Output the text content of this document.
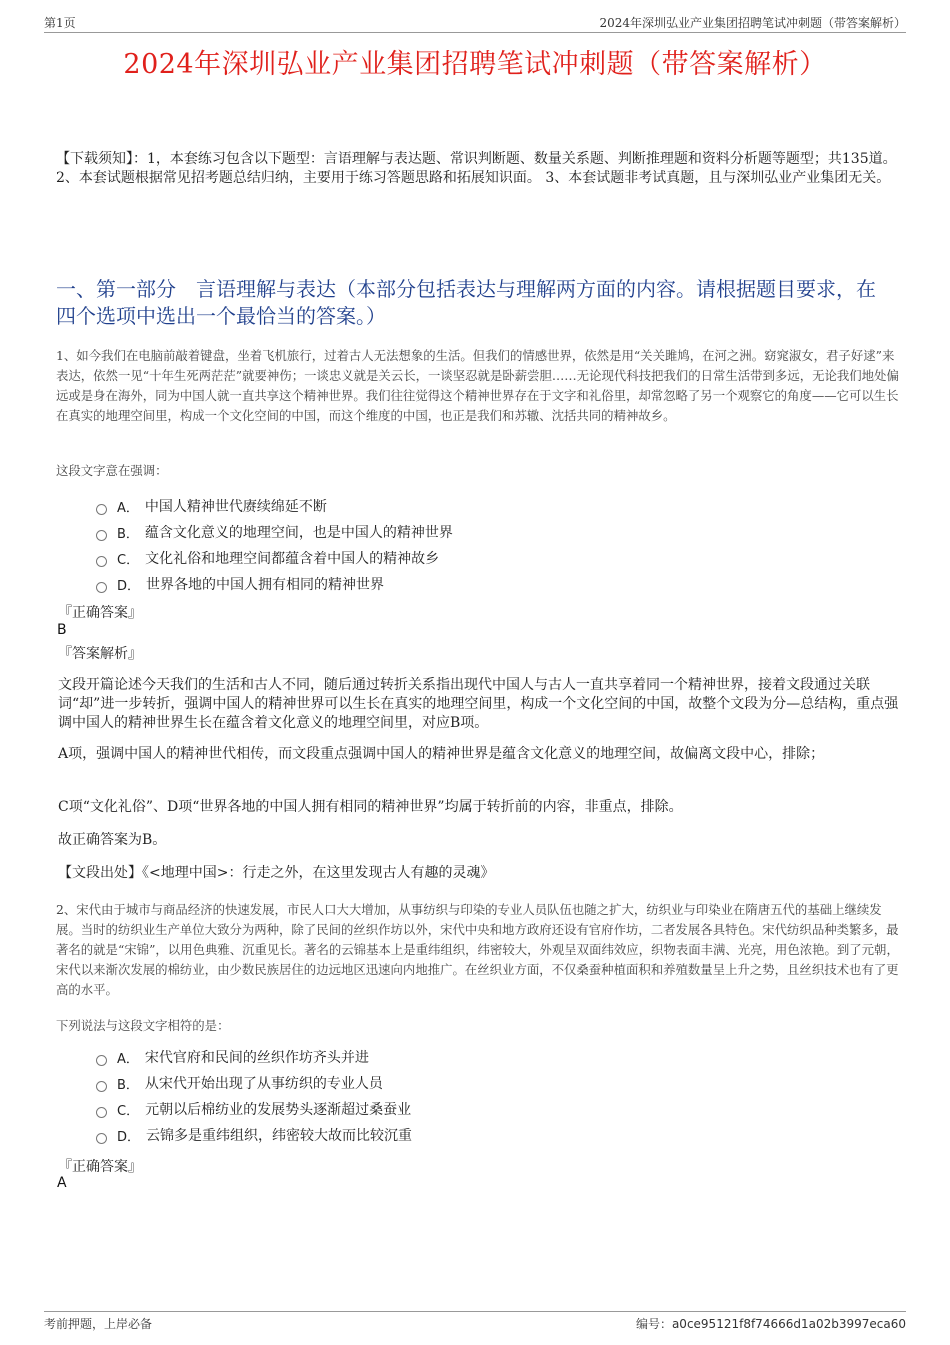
第1页	2024年深圳弘业产业集团招聘笔试冲刺题（带答案解析）
2024年深圳弘业产业集团招聘笔试冲刺题（带答案解析）
【下载须知】：1，本套练习包含以下题型：言语理解与表达题、常识判断题、数量关系题、判断推理题和资料分析题等题型；共135道。 2、本套试题根据常见招考题总结归纳，主要用于练习答题思路和拓展知识面。 3、本套试题非考试真题，且与深圳弘业产业集团无关。
一、第一部分　言语理解与表达（本部分包括表达与理解两方面的内容。请根据题目要求，在四个选项中选出一个最恰当的答案。）
1、如今我们在电脑前敲着键盘，坐着飞机旅行，过着古人无法想象的生活。但我们的情感世界，依然是用“关关雎鸠，在河之洲。窈窕淑女，君子好逑”来表达，依然一见“十年生死两茫茫”就要神伤；一谈忠义就是关云长，一谈坚忍就是卧薪尝胆……无论现代科技把我们的日常生活带到多远，无论我们地处偏远或是身在海外，同为中国人就一直共享这个精神世界。我们往往觉得这个精神世界存在于文字和礼俗里，却常忽略了另一个观察它的角度——它可以生长在真实的地理空间里，构成一个文化空间的中国，而这个维度的中国，也正是我们和苏辙、沈括共同的精神故乡。
这段文字意在强调：
A． 中国人精神世代赓续绵延不断
B． 蕴含文化意义的地理空间，也是中国人的精神世界
C． 文化礼俗和地理空间都蕴含着中国人的精神故乡
D． 世界各地的中国人拥有相同的精神世界
『正确答案』
B
『答案解析』
文段开篇论述今天我们的生活和古人不同，随后通过转折关系指出现代中国人与古人一直共享着同一个精神世界，接着文段通过关联词“却”进一步转折，强调中国人的精神世界可以生长在真实的地理空间里，构成一个文化空间的中国，故整个文段为分—总结构，重点强调中国人的精神世界生长在蕴含着文化意义的地理空间里，对应B项。
A项，强调中国人的精神世代相传，而文段重点强调中国人的精神世界是蕴含文化意义的地理空间，故偏离文段中心，排除；
C项“文化礼俗”、D项“世界各地的中国人拥有相同的精神世界”均属于转折前的内容，非重点，排除。
故正确答案为B。
【文段出处】《<地理中国>：行走之外，在这里发现古人有趣的灵魂》
2、宋代由于城市与商品经济的快速发展，市民人口大大增加，从事纺织与印染的专业人员队伍也随之扩大，纺织业与印染业在隋唐五代的基础上继续发展。当时的纺织业生产单位大致分为两种，除了民间的丝织作坊以外，宋代中央和地方政府还设有官府作坊，二者发展各具特色。宋代纺织品种类繁多，最著名的就是“宋锦”，以用色典雅、沉重见长。著名的云锦基本上是重纬组织，纬密较大，外观呈双面纬效应，织物表面丰满、光亮，用色浓艳。到了元朝，宋代以来渐次发展的棉纺业，由少数民族居住的边远地区迅速向内地推广。在丝织业方面，不仅桑蚕种植面积和养殖数量呈上升之势，且丝织技术也有了更高的水平。
下列说法与这段文字相符的是：
A． 宋代官府和民间的丝织作坊齐头并进
B． 从宋代开始出现了从事纺织的专业人员
C． 元朝以后棉纺业的发展势头逐渐超过桑蚕业
D． 云锦多是重纬组织，纬密较大故而比较沉重
『正确答案』
A
考前押题，上岸必备	编号：a0ce95121f8f74666d1a02b3997eca60
